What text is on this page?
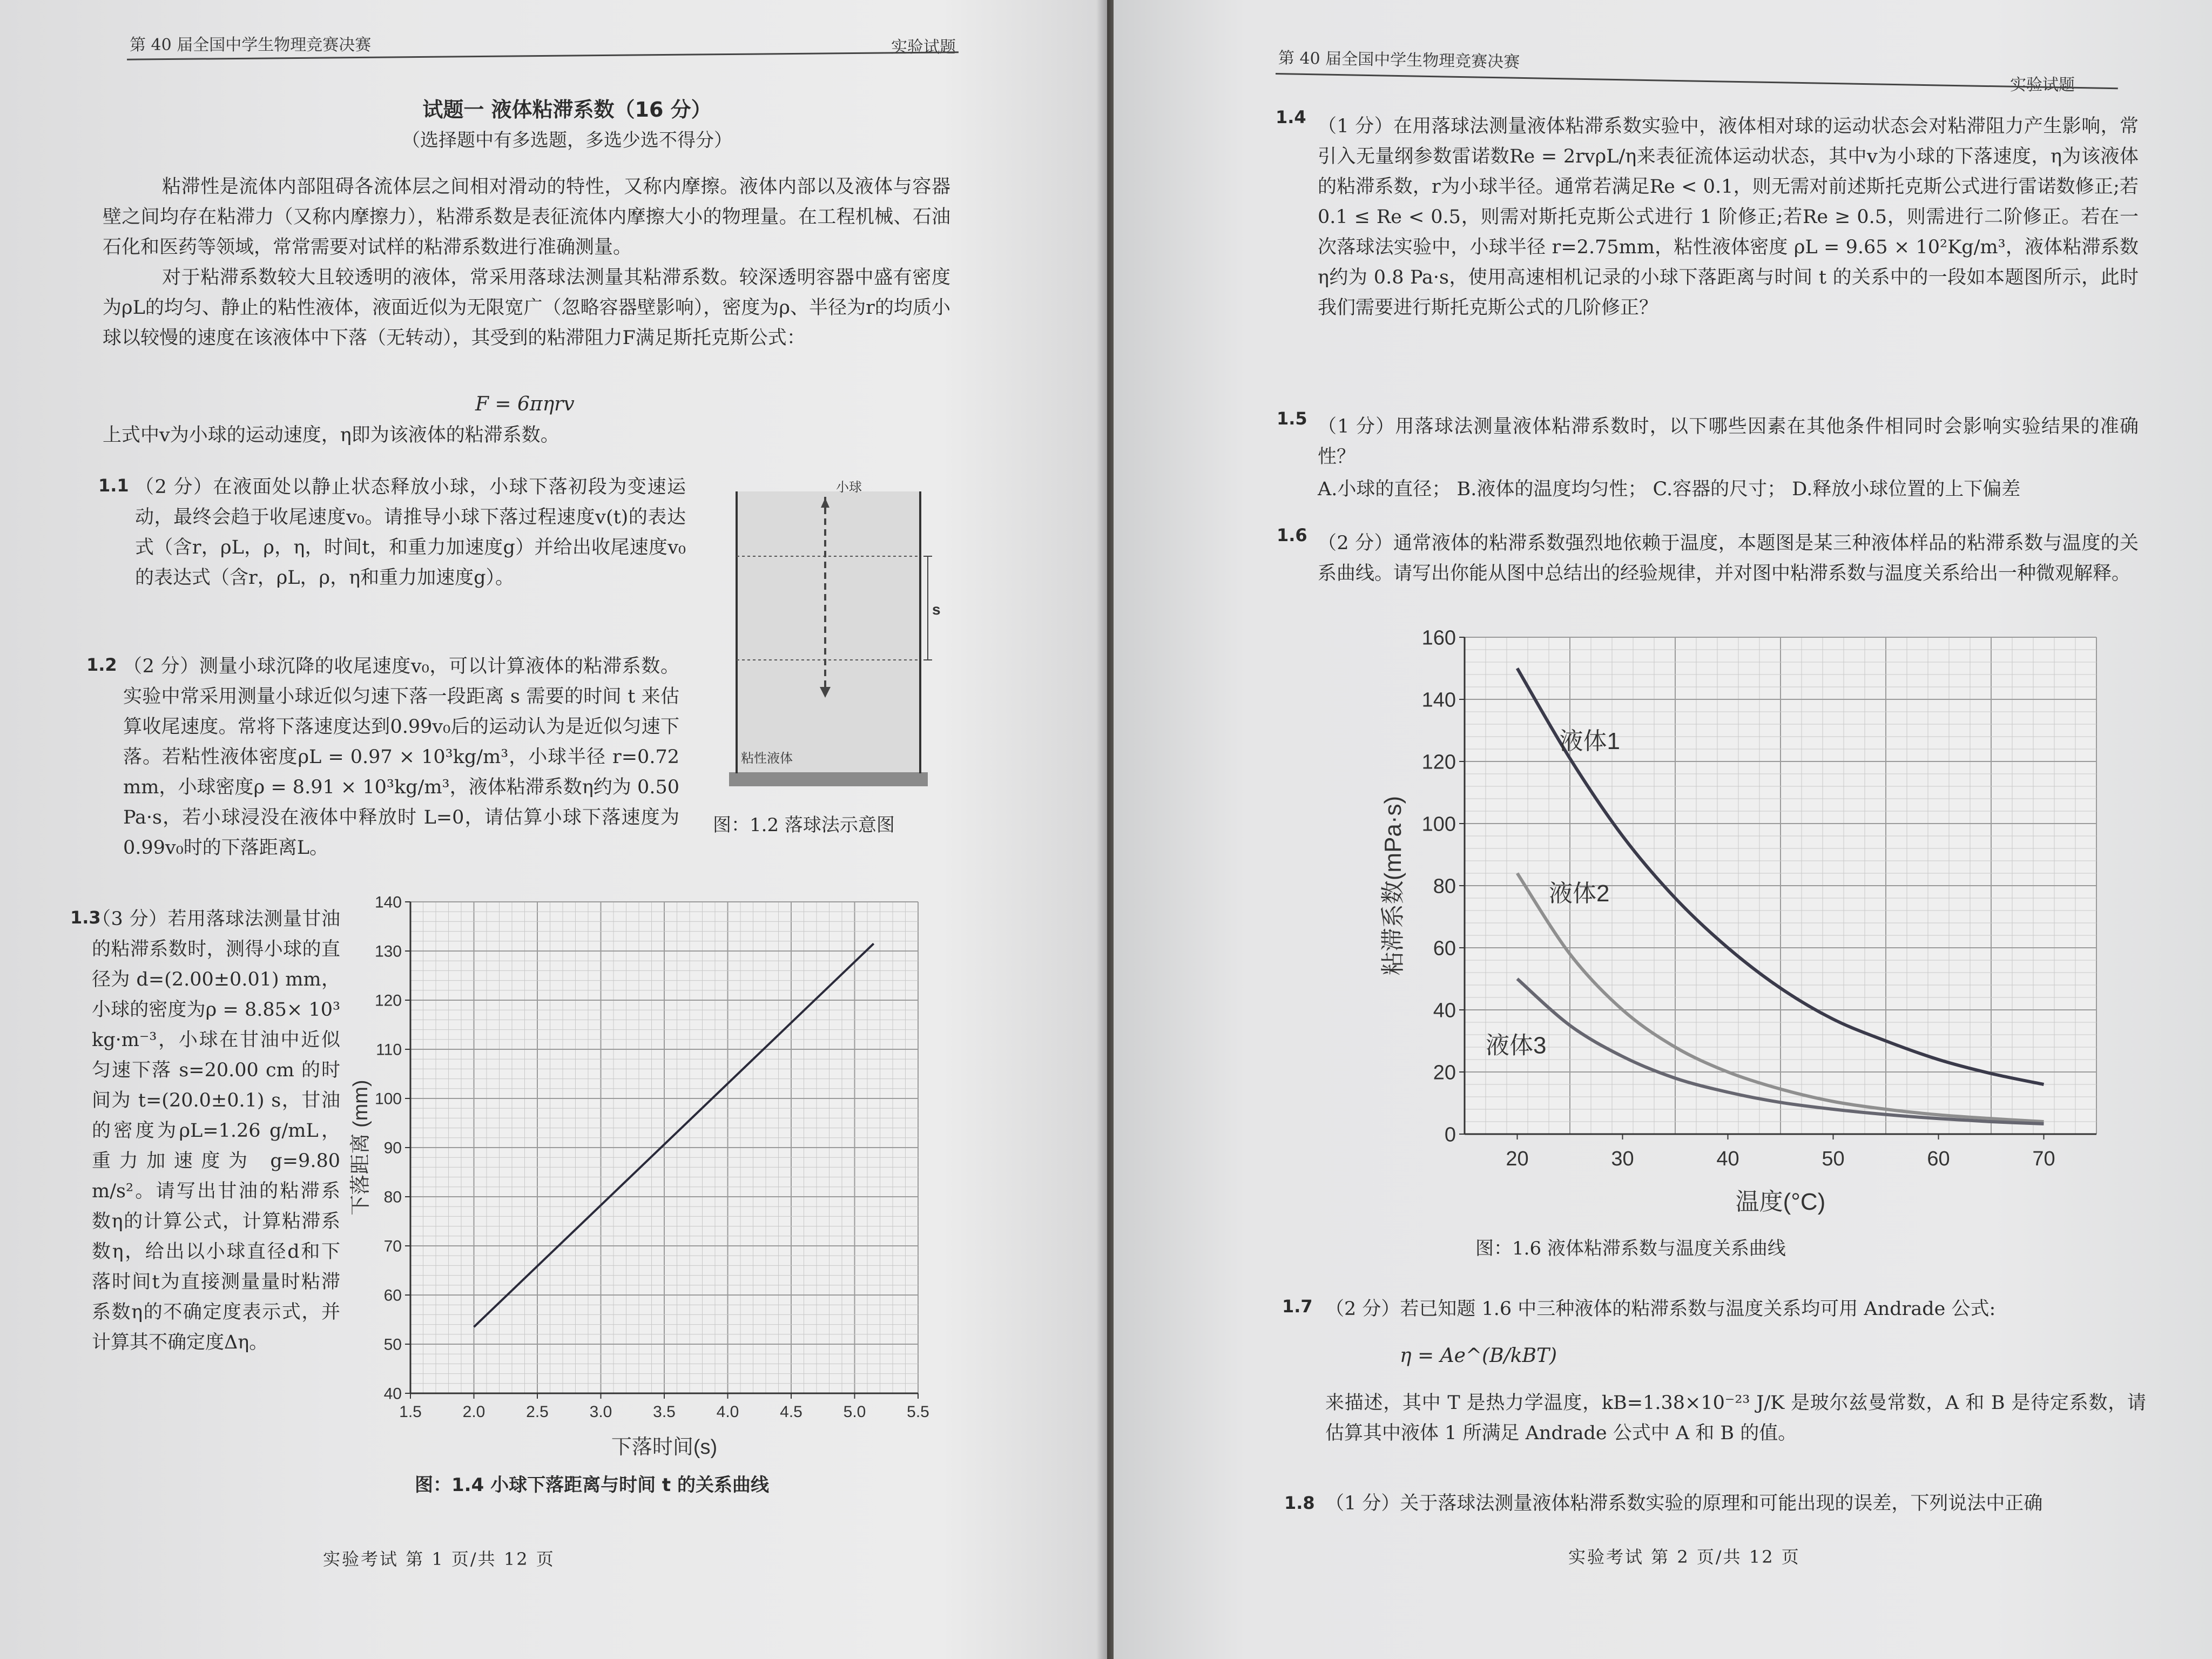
第 40 届全国中学生物理竞赛决赛	实验试题
试题一 液体粘滞系数（16 分）
（选择题中有多选题，多选少选不得分）
粘滞性是流体内部阻碍各流体层之间相对滑动的特性，又称内摩擦。液体内部以及液体与容器壁之间均存在粘滞力（又称内摩擦力），粘滞系数是表征流体内摩擦大小的物理量。在工程机械、石油石化和医药等领域，常常需要对试样的粘滞系数进行准确测量。
对于粘滞系数较大且较透明的液体，常采用落球法测量其粘滞系数。较深透明容器中盛有密度为ρL的均匀、静止的粘性液体，液面近似为无限宽广（忽略容器壁影响），密度为ρ、半径为r的均质小球以较慢的速度在该液体中下落（无转动），其受到的粘滞阻力F满足斯托克斯公式：
F = 6πηrv
上式中v为小球的运动速度，η即为该液体的粘滞系数。
1.1 （2 分）在液面处以静止状态释放小球，小球下落初段为变速运动，最终会趋于收尾速度v₀。请推导小球下落过程速度v(t)的表达式（含r，ρL，ρ，η，时间t，和重力加速度g）并给出收尾速度v₀的表达式（含r，ρL，ρ，η和重力加速度g）。
小球
s
粘性液体
图：1.2 落球法示意图
1.2 （2 分）测量小球沉降的收尾速度v₀，可以计算液体的粘滞系数。实验中常采用测量小球近似匀速下落一段距离 s 需要的时间 t 来估算收尾速度。常将下落速度达到0.99v₀后的运动认为是近似匀速下落。若粘性液体密度ρL = 0.97 × 10³kg/m³，小球半径 r=0.72 mm，小球密度ρ = 8.91 × 10³kg/m³，液体粘滞系数η约为 0.50 Pa·s，若小球浸没在液体中释放时 L=0，请估算小球下落速度为0.99v₀时的下落距离L。
1.3
（3 分）若用落球法测量甘油的粘滞系数时，测得小球的直径为 d=(2.00±0.01) mm，小球的密度为ρ = 8.85× 10³ kg·m⁻³，小球在甘油中近似匀速下落 s=20.00 cm 的时间为 t=(20.0±0.1) s，甘油的密度为ρL=1.26 g/mL，重力加速度为 g=9.80 m/s²。请写出甘油的粘滞系数η的计算公式，计算粘滞系数η，给出以小球直径d和下落时间t为直接测量量时粘滞系数η的不确定度表示式，并计算其不确定度Δη。
1.5	2.0	2.5	3.0	3.5	4.0	4.5	5.0	5.5
40
50
60
70
80
90
100
110
120
130
140
下落时间(s)
下落距离 (mm)
图：1.4 小球下落距离与时间 t 的关系曲线
实验考试 第 1 页/共 12 页
第 40 届全国中学生物理竞赛决赛
实验试题
1.4 （1 分）在用落球法测量液体粘滞系数实验中，液体相对球的运动状态会对粘滞阻力产生影响，常引入无量纲参数雷诺数Re = 2rvρL/η来表征流体运动状态，其中v为小球的下落速度，η为该液体的粘滞系数，r为小球半径。通常若满足Re < 0.1，则无需对前述斯托克斯公式进行雷诺数修正;若0.1 ≤ Re < 0.5，则需对斯托克斯公式进行 1 阶修正;若Re ≥ 0.5，则需进行二阶修正。若在一次落球法实验中，小球半径 r=2.75mm，粘性液体密度 ρL = 9.65 × 10²Kg/m³，液体粘滞系数η约为 0.8 Pa·s，使用高速相机记录的小球下落距离与时间 t 的关系中的一段如本题图所示，此时我们需要进行斯托克斯公式的几阶修正？
1.5 （1 分）用落球法测量液体粘滞系数时，以下哪些因素在其他条件相同时会影响实验结果的准确性？
A.小球的直径； B.液体的温度均匀性； C.容器的尺寸； D.释放小球位置的上下偏差
1.6 （2 分）通常液体的粘滞系数强烈地依赖于温度，本题图是某三种液体样品的粘滞系数与温度的关系曲线。请写出你能从图中总结出的经验规律，并对图中粘滞系数与温度关系给出一种微观解释。
20	30	40	50	60	70
0
20
40
60
80
100
120
140
160
温度(°C)
粘滞系数(mPa·s)
液体1
液体2
液体3
图：1.6 液体粘滞系数与温度关系曲线
1.7 （2 分）若已知题 1.6 中三种液体的粘滞系数与温度关系均可用 Andrade 公式:
η = Ae^(B/kBT)
来描述，其中 T 是热力学温度，kB=1.38×10⁻²³ J/K 是玻尔兹曼常数，A 和 B 是待定系数，请估算其中液体 1 所满足 Andrade 公式中 A 和 B 的值。
1.8 （1 分）关于落球法测量液体粘滞系数实验的原理和可能出现的误差，下列说法中正确
实验考试 第 2 页/共 12 页
